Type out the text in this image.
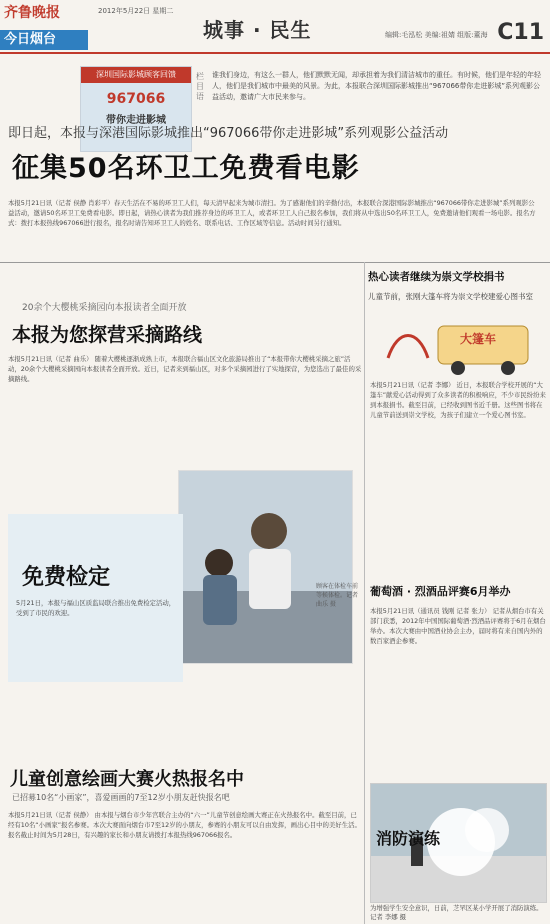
齐鲁晚报
今日烟台
2012年5月22日 星期二
城事 · 民生	编辑:毛泓松 美编:祖婧 组版:董海 C11
深圳国际影城顾客回馈
967066
带你走进影城
栏目语
谁我们身边，有这么一群人，他们默默无闻，却承担着为我们清洁城市的重任。有时候，他们是年轻的年轻人，他们是我们城市中最美的风景。为此，本报联合深圳国际影城推出“967066带你走进影城”系列观影公益活动，邀请广大市民来参与。
即日起，本报与深港国际影城推出“967066带你走进影城”系列观影公益活动
征集50名环卫工免费看电影
本报5月21日讯（记者 侯静 肖彩平）春天生活在不易的环卫工人们，每天清早起来为城市清扫。为了感谢他们的辛勤付出，本报联合深港国际影城推出“967066带你走进影城”系列观影公益活动，邀请50名环卫工免费看电影。即日起，请热心读者为我们推荐身边的环卫工人，或者环卫工人自己报名参加，我们将从中选出50名环卫工人，免费邀请他们观看一场电影。报名方式：拨打本报热线967066进行报名，报名时请告知环卫工人的姓名、联系电话、工作区域等信息。活动时间另行通知。
20余个大樱桃采摘园向本报读者全面开放
本报为您探营采摘路线
本报5月21日讯（记者 曲乐） 随着大樱桃逐渐成熟上市，本报联合福山区文化旅游局推出了“本报带你大樱桃采摘之旅”活动，20余个大樱桃采摘园向本报读者全面开放。近日，记者来到福山区，对多个采摘园进行了实地探营，为您选出了最佳的采摘路线。
顾客在体检车前等候体检。记者 曲乐 摄
免费检定
5月21日，本报与福山区质监局联合推出免费检定活动，受到了市民的欢迎。
儿童创意绘画大赛火热报名中
已招募10名“小画家”，喜爱画画的7至12岁小朋友赶快报名吧
本报5月21日讯（记者 侯静） 由本报与烟台市少年宫联合主办的“六一”儿童节创意绘画大赛正在火热报名中。截至目前，已经有10名“小画家”报名参赛。本次大赛面向烟台市7至12岁的小朋友，参赛的小朋友可以自由发挥，画出心目中的美好生活。报名截止时间为5月28日，有兴趣的家长和小朋友请拨打本报热线967066报名。
热心读者继续为崇文学校捐书
儿童节前，张刚大篷车将为崇文学校建爱心图书室
大篷车
本报5月21日讯（记者 李娜） 近日，本报联合学校开展的“大篷车”献爱心活动得到了众多读者的积极响应，不少市民纷纷来到本报捐书。截至目前，已经收到图书近千册。这些图书将在儿童节前送到崇文学校，为孩子们建立一个爱心图书室。
葡萄酒 · 烈酒品评赛6月举办
本报5月21日讯（通讯员 钱刚 记者 张力） 记者从烟台市有关部门获悉，2012年中国国际葡萄酒·烈酒品评赛将于6月在烟台举办。本次大赛由中国酒业协会主办，届时将有来自国内外的数百家酒企参赛。
消防演练
为增强学生安全意识，日前，芝罘区某小学开展了消防演练。记者 李娜 摄
